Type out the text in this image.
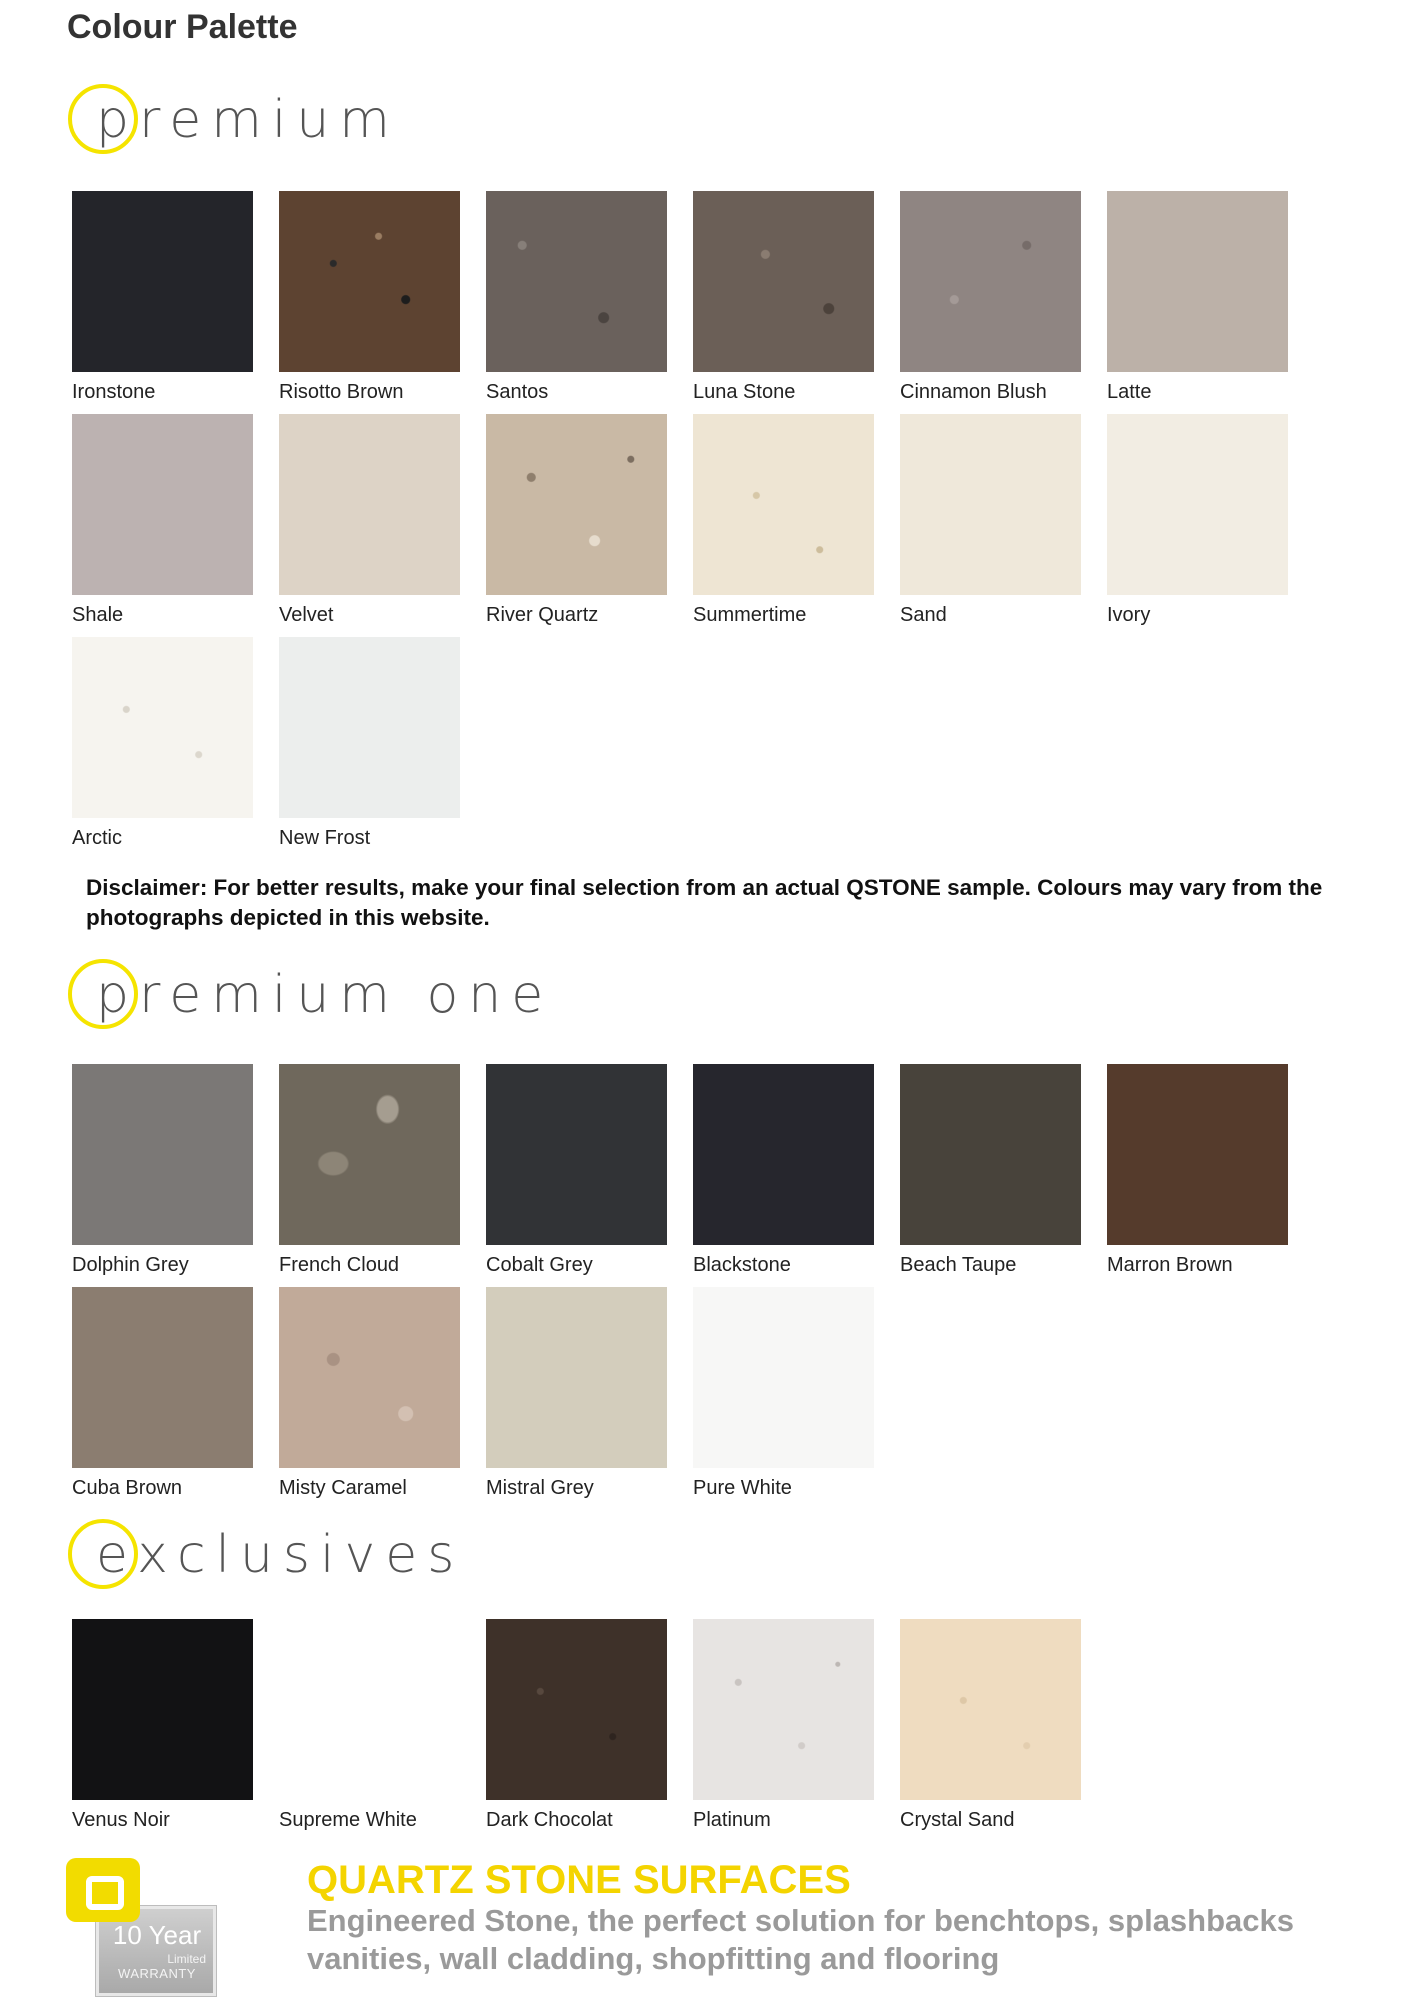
Colour Palette
premium
premium one
exclusives
Ironstone	Risotto Brown	Santos	Luna Stone	Cinnamon Blush	Latte
Shale	Velvet	River Quartz	Summertime	Sand	Ivory
Arctic	New Frost
Disclaimer: For better results, make your final selection from an actual QSTONE sample. Colours may vary from the photographs depicted in this website.
Dolphin Grey	French Cloud	Cobalt Grey	Blackstone	Beach Taupe	Marron Brown
Cuba Brown	Misty Caramel	Mistral Grey	Pure White
Venus Noir	Supreme White	Dark Chocolat	Platinum	Crystal Sand
10 Year
Limited
WARRANTY
QUARTZ STONE SURFACES
Engineered Stone, the perfect solution for benchtops, splashbacks vanities, wall cladding, shopfitting and flooring
